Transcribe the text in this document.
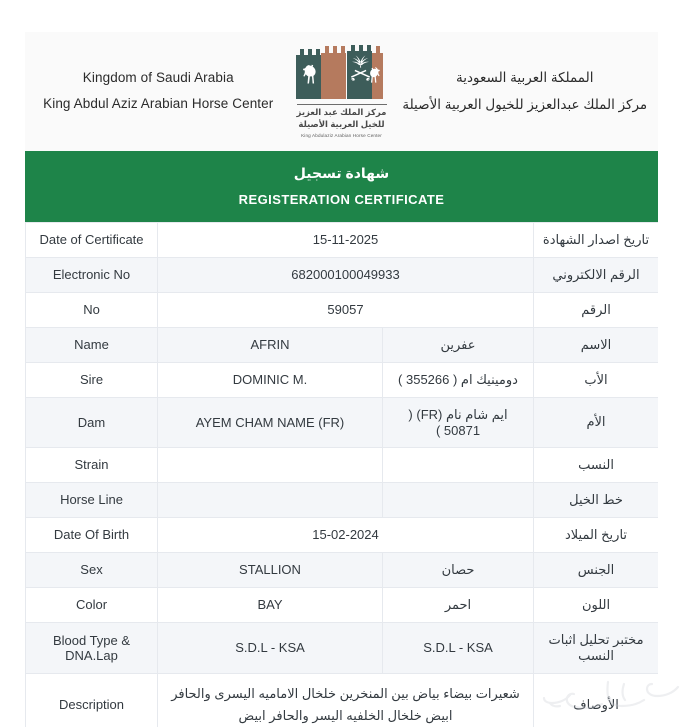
Kingdom of Saudi Arabia
King Abdul Aziz Arabian Horse Center
مركز الملك عبد العزيز
للخيل العربية الأصيلة
King Abdulaziz Arabian Horse Center
المملكة العربية السعودية
مركز الملك عبدالعزيز للخيول العربية الأصيلة
شهادة تسجيل
REGISTERATION CERTIFICATE
Date of Certificate	15-11-2025		تاريخ اصدار الشهادة
Electronic No	682000100049933		الرقم الالكتروني
No	59057		الرقم
Name	AFRIN	عفرين	الاسم
Sire	DOMINIC M.	دومينيك ام ( 355266 )	الأب
Dam	AYEM CHAM NAME (FR)	ايم شام نام (FR) ( 50871 )	الأم
Strain			النسب
Horse Line			خط الخيل
Date Of Birth	15-02-2024		تاريخ الميلاد
Sex	STALLION	حصان	الجنس
Color	BAY	احمر	اللون
Blood Type & DNA.Lap	S.D.L - KSA	S.D.L - KSA	مختبر تحليل اثبات النسب
Description	شعيرات بيضاء بياض بين المنخرين خلخال الاماميه اليسرى والحافر ابيض خلخال الخلفيه اليسر والحافر ابيض		الأوصاف
